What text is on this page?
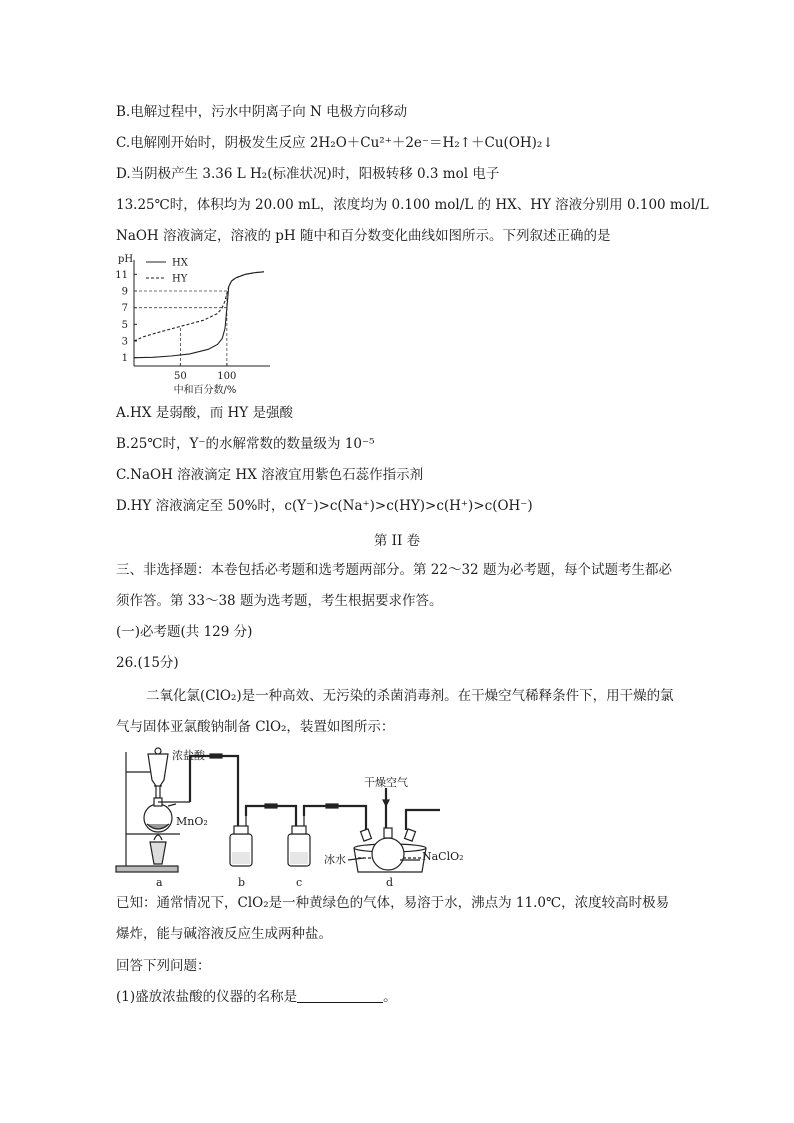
B.电解过程中，污水中阴离子向 N 电极方向移动
C.电解刚开始时，阴极发生反应 2H₂O＋Cu²⁺＋2e⁻＝H₂↑＋Cu(OH)₂↓
D.当阴极产生 3.36 L H₂(标准状况)时，阳极转移 0.3 mol 电子
13.25℃时，体积均为 20.00 mL，浓度均为 0.100 mol/L 的 HX、HY 溶液分别用 0.100 mol/L
NaOH 溶液滴定，溶液的 pH 随中和百分数变化曲线如图所示。下列叙述正确的是
pH
1
3
5
7
9
11
50	100
中和百分数/%
HX
HY
A.HX 是弱酸，而 HY 是强酸
B.25℃时，Y⁻的水解常数的数量级为 10⁻⁵
C.NaOH 溶液滴定 HX 溶液宜用紫色石蕊作指示剂
D.HY 溶液滴定至 50%时，c(Y⁻)>c(Na⁺)>c(HY)>c(H⁺)>c(OH⁻)
第 II 卷
三、非选择题：本卷包括必考题和选考题两部分。第 22～32 题为必考题，每个试题考生都必
须作答。第 33～38 题为选考题，考生根据要求作答。
(一)必考题(共 129 分)
26.(15分)
二氧化氯(ClO₂)是一种高效、无污染的杀菌消毒剂。在干燥空气稀释条件下，用干燥的氯
气与固体亚氯酸钠制备 ClO₂，装置如图所示：
浓盐酸
MnO₂
干燥空气
冰水	NaClO₂
a	b	c	d
已知：通常情况下，ClO₂是一种黄绿色的气体，易溶于水，沸点为 11.0℃，浓度较高时极易
爆炸，能与碱溶液反应生成两种盐。
回答下列问题：
(1)盛放浓盐酸的仪器的名称是	。
